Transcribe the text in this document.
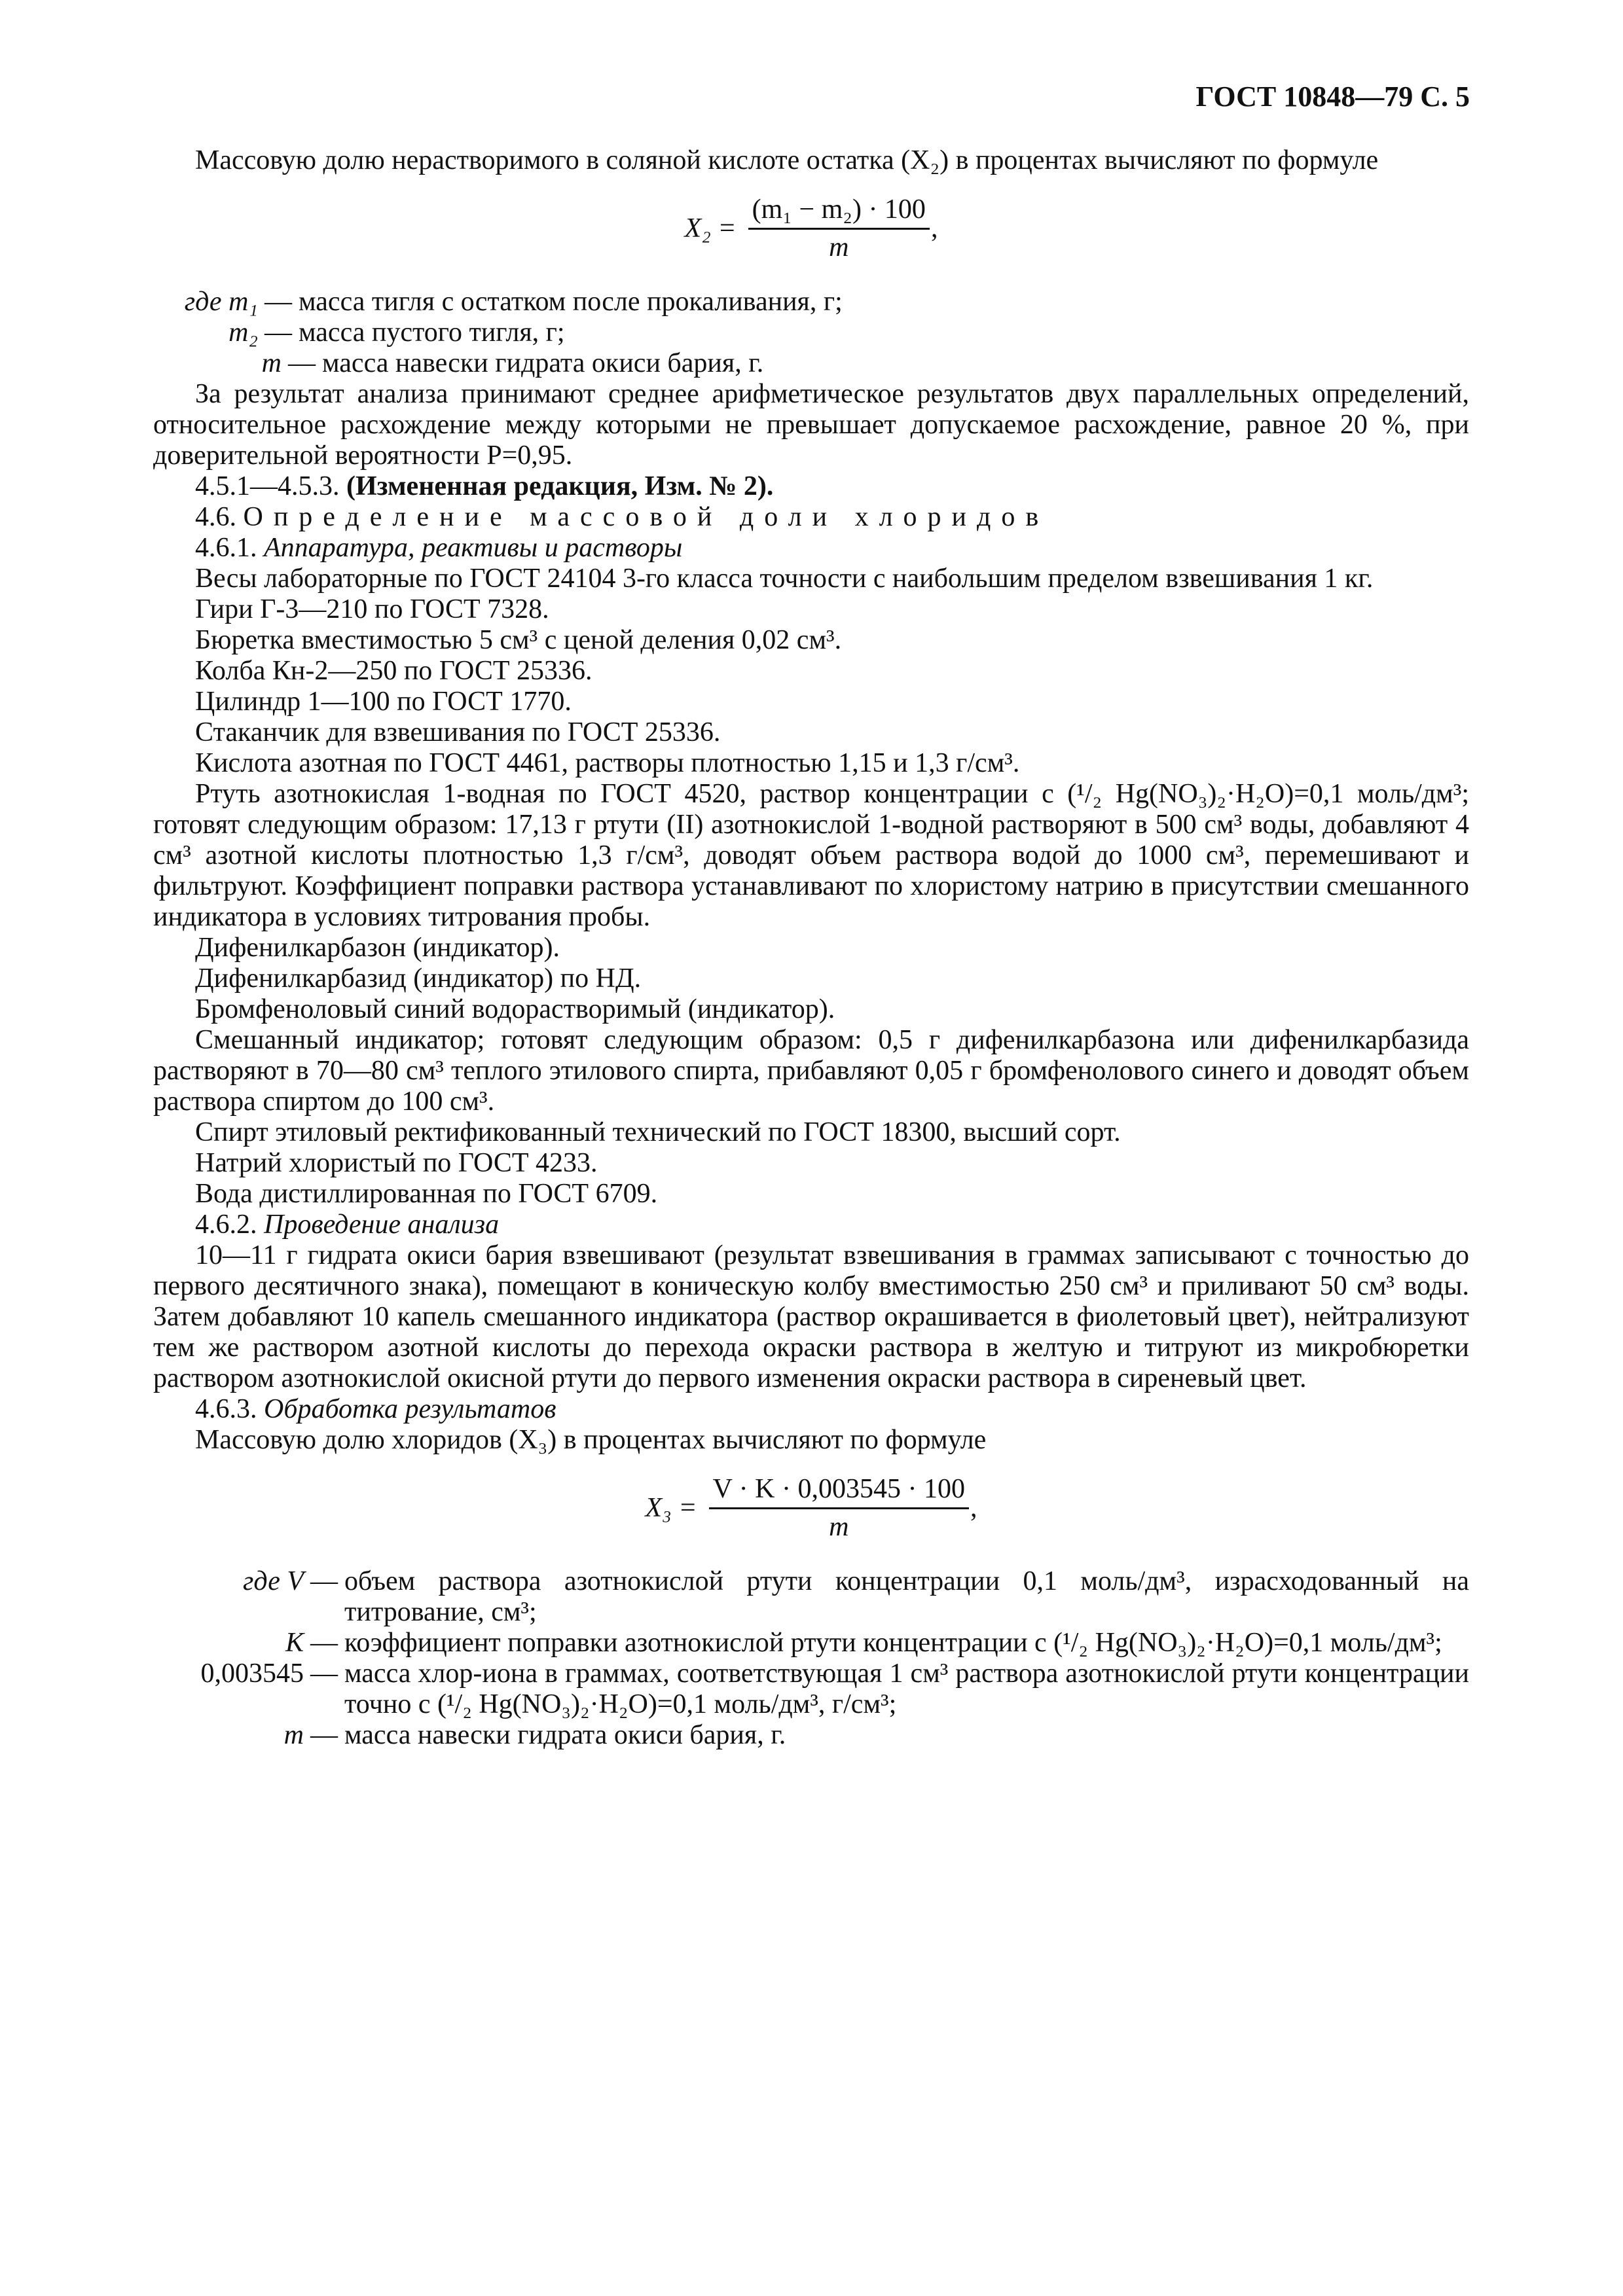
ГОСТ 10848—79 С. 5

Массовую долю нерастворимого в соляной кислоте остатка (X₂) в процентах вычисляют по формуле

$X_2 = \frac{\text{(m₁ − m₂) · 100}}{m}$ ,
где m₁ — масса тигля с остатком после прокаливания, г;
m₂ — масса пустого тигля, г;
m — масса навески гидрата окиси бария, г.

За результат анализа принимают среднее арифметическое результатов двух параллельных определений, относительное расхождение между которыми не превышает допускаемое расхождение, равное 20 %, при доверительной вероятности P=0,95.

4.5.1—4.5.3. (Измененная редакция, Изм. № 2).

4.6. Определение массовой доли хлоридов

4.6.1. Аппаратура, реактивы и растворы

Весы лабораторные по ГОСТ 24104 3-го класса точности с наибольшим пределом взвешивания 1 кг.

Гири Г-3—210 по ГОСТ 7328.

Бюретка вместимостью 5 см³ с ценой деления 0,02 см³.

Колба Кн-2—250 по ГОСТ 25336.

Цилиндр 1—100 по ГОСТ 1770.

Стаканчик для взвешивания по ГОСТ 25336.

Кислота азотная по ГОСТ 4461, растворы плотностью 1,15 и 1,3 г/см³.

Ртуть азотнокислая 1-водная по ГОСТ 4520, раствор концентрации c (¹/₂ Hg(NO₃)₂·H₂O)=0,1 моль/дм³; готовят следующим образом: 17,13 г ртути (II) азотнокислой 1-водной растворяют в 500 см³ воды, добавляют 4 см³ азотной кислоты плотностью 1,3 г/см³, доводят объем раствора водой до 1000 см³, перемешивают и фильтруют. Коэффициент поправки раствора устанавливают по хлористому натрию в присутствии смешанного индикатора в условиях титрования пробы.

Дифенилкарбазон (индикатор).

Дифенилкарбазид (индикатор) по НД.

Бромфеноловый синий водорастворимый (индикатор).

Смешанный индикатор; готовят следующим образом: 0,5 г дифенилкарбазона или дифенилкарбазида растворяют в 70—80 см³ теплого этилового спирта, прибавляют 0,05 г бромфенолового синего и доводят объем раствора спиртом до 100 см³.

Спирт этиловый ректификованный технический по ГОСТ 18300, высший сорт.

Натрий хлористый по ГОСТ 4233.

Вода дистиллированная по ГОСТ 6709.

4.6.2. Проведение анализа

10—11 г гидрата окиси бария взвешивают (результат взвешивания в граммах записывают с точностью до первого десятичного знака), помещают в коническую колбу вместимостью 250 см³ и приливают 50 см³ воды. Затем добавляют 10 капель смешанного индикатора (раствор окрашивается в фиолетовый цвет), нейтрализуют тем же раствором азотной кислоты до перехода окраски раствора в желтую и титруют из микробюретки раствором азотнокислой окисной ртути до первого изменения окраски раствора в сиреневый цвет.

4.6.3. Обработка результатов

Массовую долю хлоридов (X₃) в процентах вычисляют по формуле

$X_3 = \frac{V \cdot K \cdot 0,003545 \cdot 100}{m}$ ,
где V — объем раствора азотнокислой ртути концентрации 0,1 моль/дм³, израсходованный на титрование, см³;
K — коэффициент поправки азотнокислой ртути концентрации c (¹/₂ Hg(NO₃)₂·H₂O)=0,1 моль/дм³;
0,003545 — масса хлор-иона в граммах, соответствующая 1 см³ раствора азотнокислой ртути концентрации точно c (¹/₂ Hg(NO₃)₂·H₂O)=0,1 моль/дм³, г/см³;
m — масса навески гидрата окиси бария, г.
